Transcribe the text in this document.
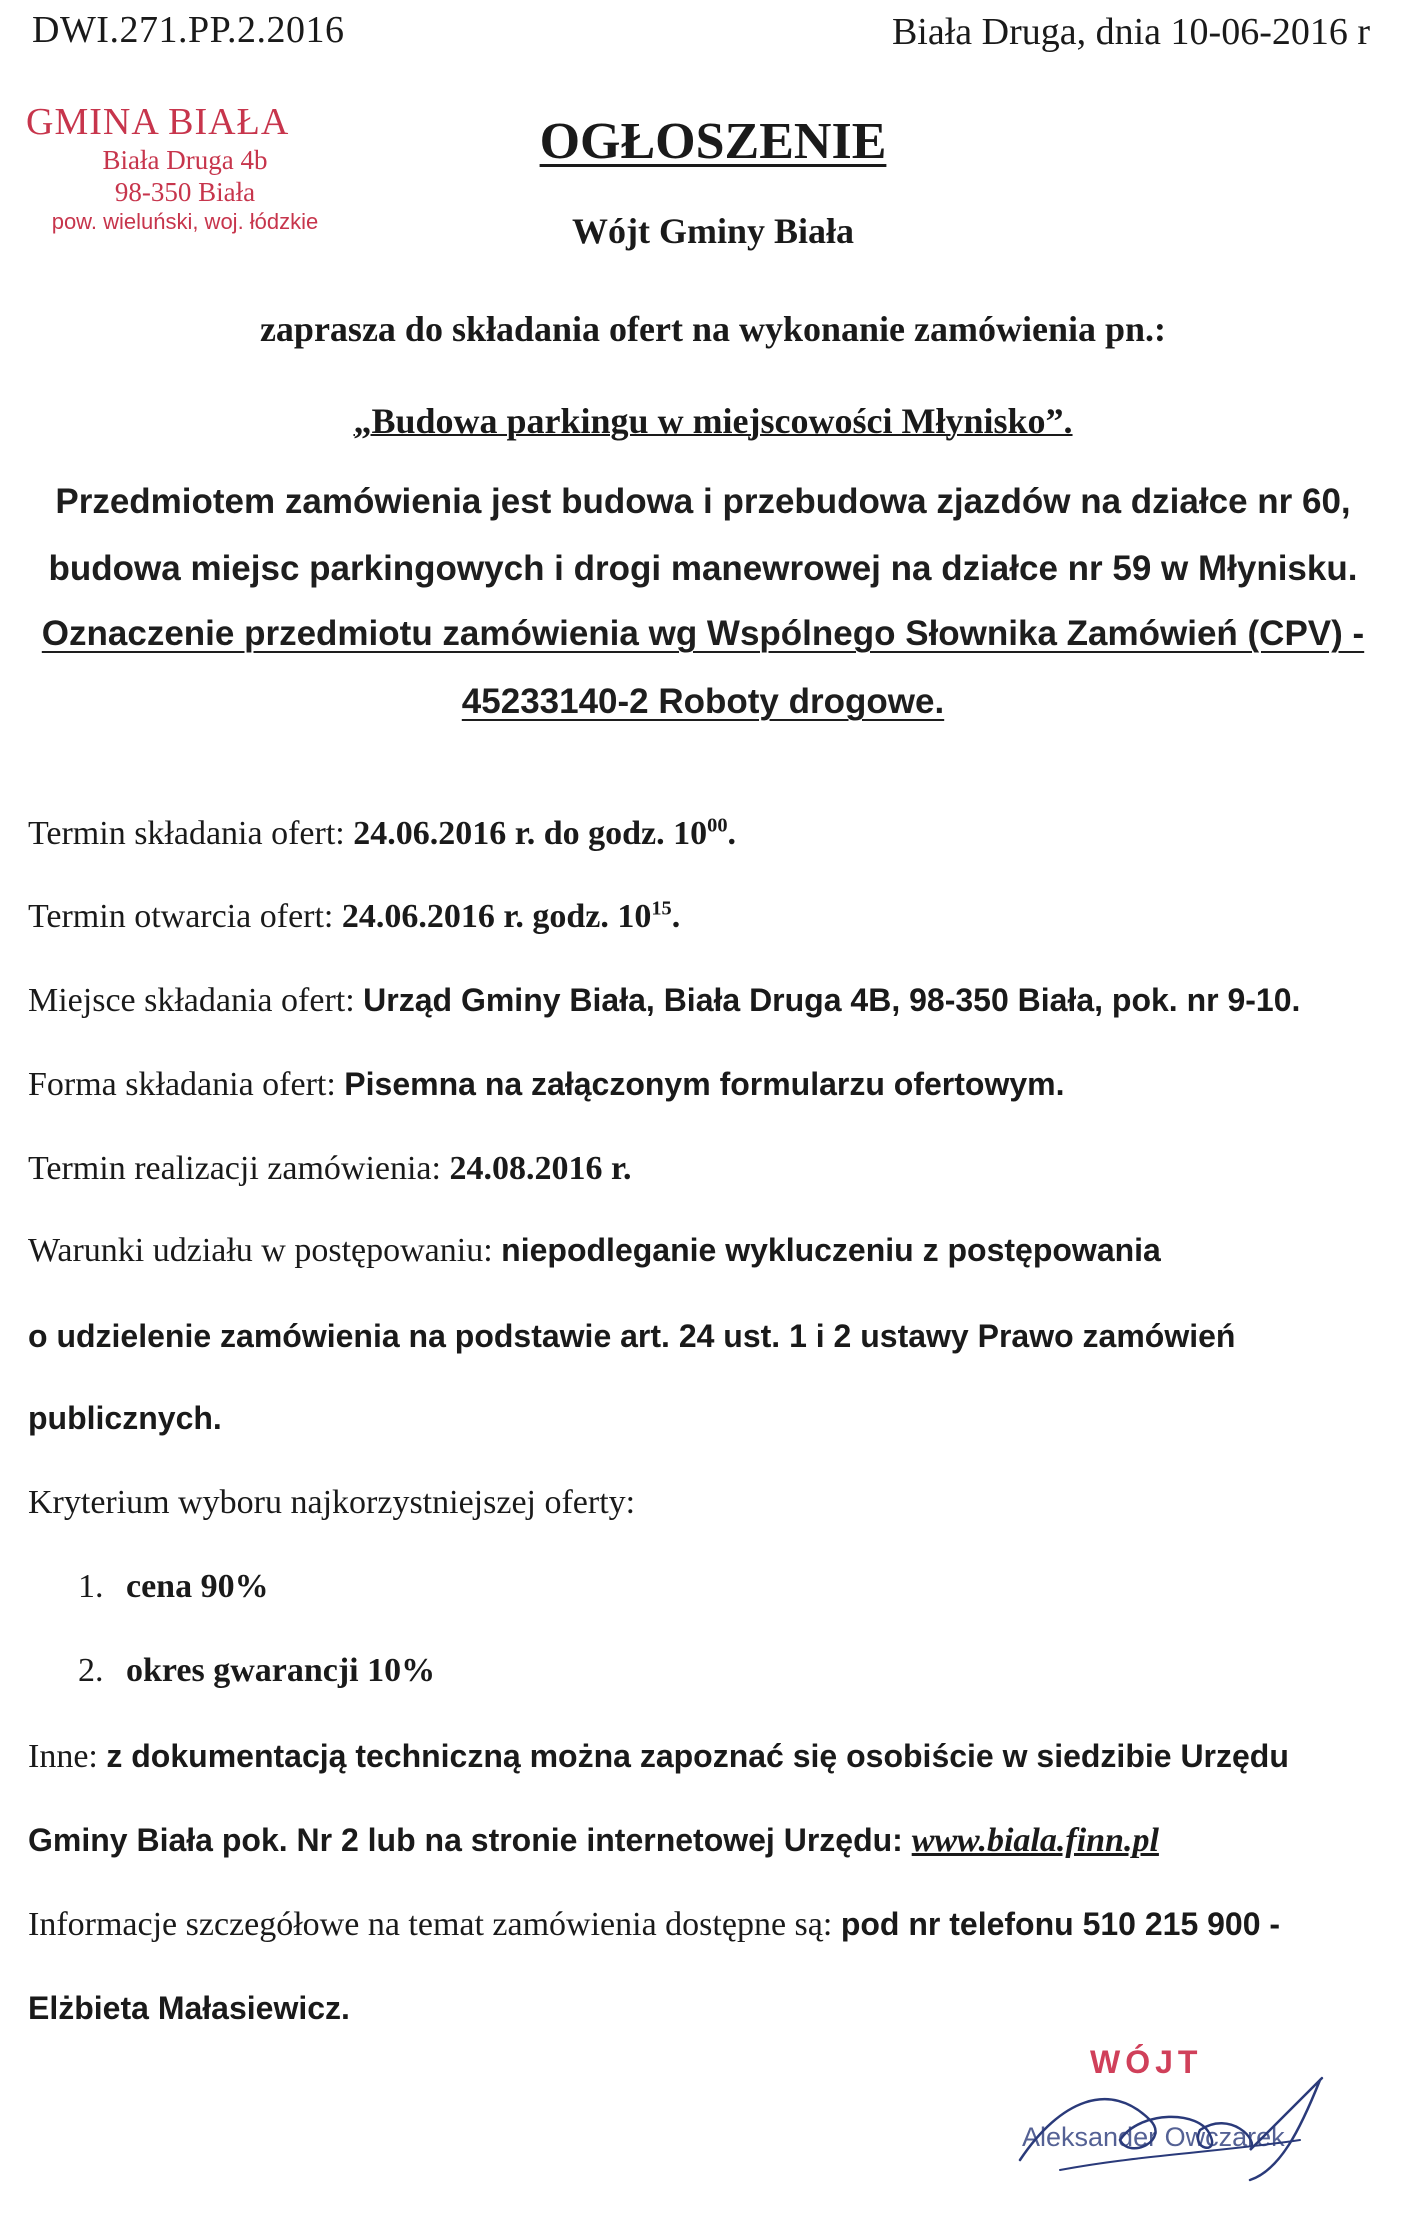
DWI.271.PP.2.2016	Biała Druga, dnia 10-06-2016 r
GMINA BIAŁA
Biała Druga 4b
98-350 Biała
pow. wieluński, woj. łódzkie
OGŁOSZENIE
Wójt Gminy Biała
zaprasza do składania ofert na wykonanie zamówienia pn.:
„Budowa parkingu w miejscowości Młynisko”.
Przedmiotem zamówienia jest budowa i przebudowa zjazdów na działce nr 60,
budowa miejsc parkingowych i drogi manewrowej na działce nr 59 w Młynisku.
Oznaczenie przedmiotu zamówienia wg Wspólnego Słownika Zamówień (CPV) -
45233140-2 Roboty drogowe.
Termin składania ofert: 24.06.2016 r. do godz. $10^{00}$.
Termin otwarcia ofert: 24.06.2016 r. godz. $10^{15}$.
Miejsce składania ofert: Urząd Gminy Biała, Biała Druga 4B, 98-350 Biała, pok. nr 9-10.
Forma składania ofert: Pisemna na załączonym formularzu ofertowym.
Termin realizacji zamówienia: 24.08.2016 r.
Warunki udziału w postępowaniu: niepodleganie wykluczeniu z postępowania
o udzielenie zamówienia na podstawie art. 24 ust. 1 i 2 ustawy Prawo zamówień
publicznych.
Kryterium wyboru najkorzystniejszej oferty:
1. cena 90%
2. okres gwarancji 10%
Inne: z dokumentacją techniczną można zapoznać się osobiście w siedzibie Urzędu
Gminy Biała pok. Nr 2 lub na stronie internetowej Urzędu: www.biala.finn.pl
Informacje szczegółowe na temat zamówienia dostępne są: pod nr telefonu 510 215 900 -
Elżbieta Małasiewicz.
WÓJT
Aleksander Owczarek
